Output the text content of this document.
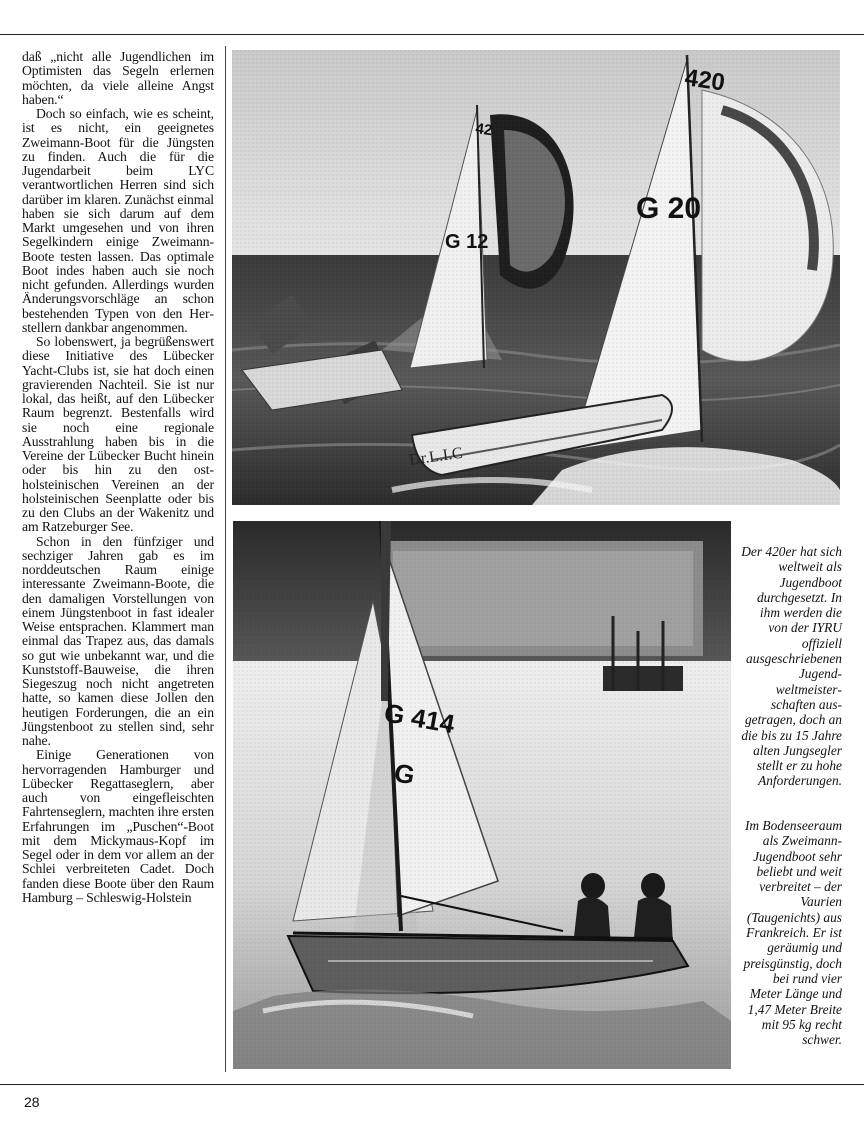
daß „nicht alle Jugendlichen im Optimisten das Segeln erlernen möchten, da viele alleine Angst haben.“

Doch so einfach, wie es scheint, ist es nicht, ein geeignetes Zweimann-Boot für die Jüngsten zu finden. Auch die für die Jugendarbeit beim LYC verantwortlichen Herren sind sich darüber im klaren. Zunächst einmal haben sie sich darum auf dem Markt umgesehen und von ihren Segelkindern einige Zweimann-Boote testen lassen. Das optimale Boot indes haben auch sie noch nicht gefunden. Allerdings wurden Änderungsvorschläge an schon bestehenden Typen von den Herstellern dankbar angenommen.

So lobenswert, ja begrüßenswert diese Initiative des Lübecker Yacht-Clubs ist, sie hat doch einen gravierenden Nachteil. Sie ist nur lokal, das heißt, auf den Lübecker Raum begrenzt. Bestenfalls wird sie noch eine regionale Ausstrahlung haben bis in die Vereine der Lübecker Bucht hinein oder bis hin zu den ostholsteinischen Vereinen an der holsteinischen Seenplatte oder bis zu den Clubs an der Wakenitz und am Ratzeburger See.

Schon in den fünfziger und sechziger Jahren gab es im norddeutschen Raum einige interessante Zweimann-Boote, die den damaligen Vorstellungen von einem Jüngstenboot in fast idealer Weise entsprachen. Klammert man einmal das Trapez aus, das damals so gut wie unbekannt war, und die Kunststoff-Bauweise, die ihren Siegeszug noch nicht angetreten hatte, so kamen diese Jollen den heutigen Forderungen, die an ein Jüngstenboot zu stellen sind, sehr nahe.

Einige Generationen von hervorragenden Hamburger und Lübecker Regattaseglern, aber auch von eingefleischten Fahrtenseglern, machten ihre ersten Erfahrungen im „Puschen“-Boot mit dem Mickymaus-Kopf im Segel oder in dem vor allem an der Schlei verbreiteten Cadet. Doch fanden diese Boote über den Raum Hamburg – Schleswig-Holstein

Der 420er hat sich weltweit als Jugendboot durchgesetzt. In ihm werden die von der IYRU offiziell ausgeschriebenen Jugendweltmeisterschaften ausgetragen, doch an die bis zu 15 Jahre alten Jungsegler stellt er zu hohe Anforderungen.
Im Bodenseeraum als Zweimann-Jugendboot sehr beliebt und weit verbreitet – der Vaurien (Taugenichts) aus Frankreich. Er ist geräumig und preisgünstig, doch bei rund vier Meter Länge und 1,47 Meter Breite mit 95 kg recht schwer.
28
